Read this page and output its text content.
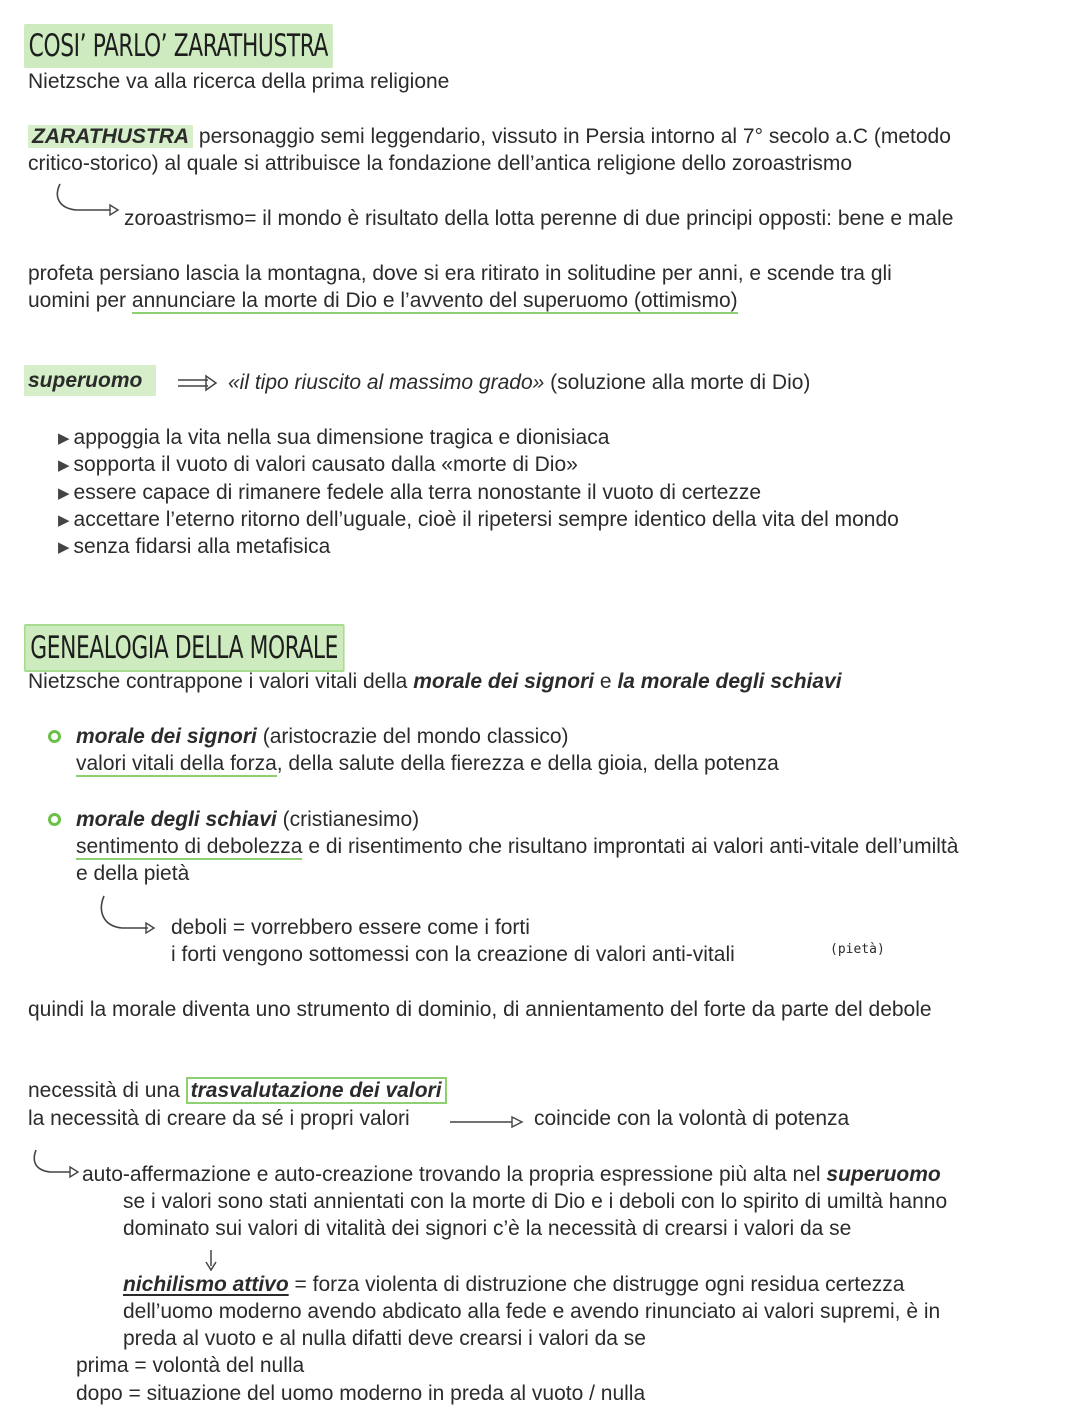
COSI’ PARLO’ ZARATHUSTRA
Nietzsche va alla ricerca della prima religione
ZARATHUSTRA personaggio semi leggendario, vissuto in Persia intorno al 7° secolo a.C (metodo
critico-storico) al quale si attribuisce la fondazione dell’antica religione dello zoroastrismo
zoroastrismo= il mondo è risultato della lotta perenne di due principi opposti: bene e male
profeta persiano lascia la montagna, dove si era ritirato in solitudine per anni, e scende tra gli
uomini per annunciare la morte di Dio e l’avvento del superuomo (ottimismo)
superuomo	«il tipo riuscito al massimo grado» (soluzione alla morte di Dio)
▶ appoggia la vita nella sua dimensione tragica e dionisiaca
▶ sopporta il vuoto di valori causato dalla «morte di Dio»
▶ essere capace di rimanere fedele alla terra nonostante il vuoto di certezze
▶ accettare l’eterno ritorno dell’uguale, cioè il ripetersi sempre identico della vita del mondo
▶ senza fidarsi alla metafisica
GENEALOGIA DELLA MORALE
Nietzsche contrappone i valori vitali della morale dei signori e la morale degli schiavi
morale dei signori (aristocrazie del mondo classico)
valori vitali della forza, della salute della fierezza e della gioia, della potenza
morale degli schiavi (cristianesimo)
sentimento di debolezza e di risentimento che risultano improntati ai valori anti-vitale dell’umiltà
e della pietà
deboli = vorrebbero essere come i forti
i forti vengono sottomessi con la creazione di valori anti-vitali	(pietà)
quindi la morale diventa uno strumento di dominio, di annientamento del forte da parte del debole
necessità di una trasvalutazione dei valori
la necessità di creare da sé i propri valori	coincide con la volontà di potenza
auto-affermazione e auto-creazione trovando la propria espressione più alta nel superuomo
se i valori sono stati annientati con la morte di Dio e i deboli con lo spirito di umiltà hanno
dominato sui valori di vitalità dei signori c’è la necessità di crearsi i valori da se
nichilismo attivo = forza violenta di distruzione che distrugge ogni residua certezza
dell’uomo moderno avendo abdicato alla fede e avendo rinunciato ai valori supremi, è in
preda al vuoto e al nulla difatti deve crearsi i valori da se
prima = volontà del nulla
dopo = situazione del uomo moderno in preda al vuoto / nulla
